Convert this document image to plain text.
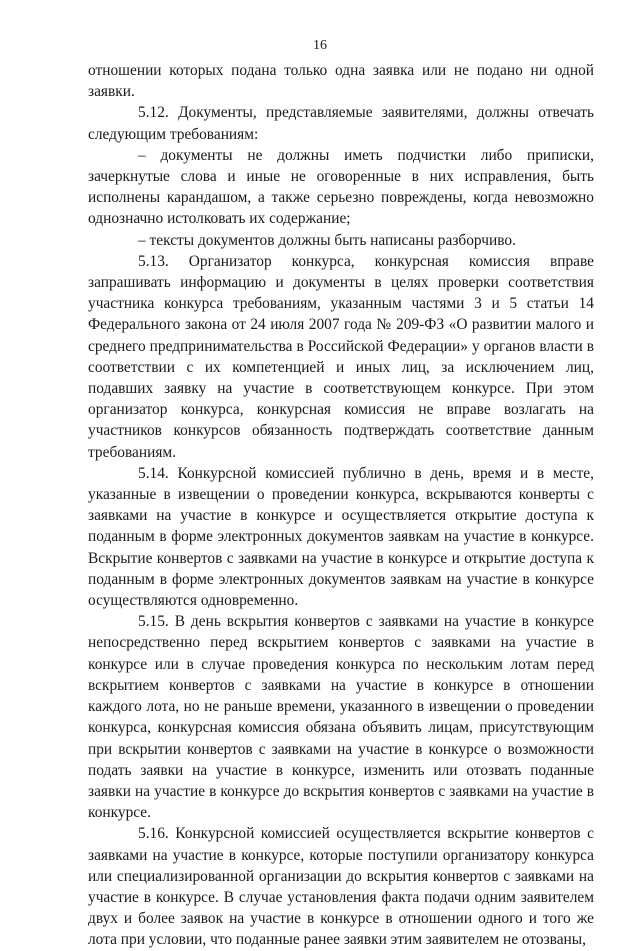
16

отношении которых подана только одна заявка или не подано ни одной заявки.

5.12. Документы, представляемые заявителями, должны отвечать следующим требованиям:

– документы не должны иметь подчистки либо приписки, зачеркнутые слова и иные не оговоренные в них исправления, быть исполнены карандашом, а также серьезно повреждены, когда невозможно однозначно истолковать их содержание;

– тексты документов должны быть написаны разборчиво.

5.13. Организатор конкурса, конкурсная комиссия вправе запрашивать информацию и документы в целях проверки соответствия участника конкурса требованиям, указанным частями 3 и 5 статьи 14 Федерального закона от 24 июля 2007 года № 209-ФЗ «О развитии малого и среднего предпринимательства в Российской Федерации» у органов власти в соответствии с их компетенцией и иных лиц, за исключением лиц, подавших заявку на участие в соответствующем конкурсе. При этом организатор конкурса, конкурсная комиссия не вправе возлагать на участников конкурсов обязанность подтверждать соответствие данным требованиям.

5.14. Конкурсной комиссией публично в день, время и в месте, указанные в извещении о проведении конкурса, вскрываются конверты с заявками на участие в конкурсе и осуществляется открытие доступа к поданным в форме электронных документов заявкам на участие в конкурсе. Вскрытие конвертов с заявками на участие в конкурсе и открытие доступа к поданным в форме электронных документов заявкам на участие в конкурсе осуществляются одновременно.

5.15. В день вскрытия конвертов с заявками на участие в конкурсе непосредственно перед вскрытием конвертов с заявками на участие в конкурсе или в случае проведения конкурса по нескольким лотам перед вскрытием конвертов с заявками на участие в конкурсе в отношении каждого лота, но не раньше времени, указанного в извещении о проведении конкурса, конкурсная комиссия обязана объявить лицам, присутствующим при вскрытии конвертов с заявками на участие в конкурсе о возможности подать заявки на участие в конкурсе, изменить или отозвать поданные заявки на участие в конкурсе до вскрытия конвертов с заявками на участие в конкурсе.

5.16. Конкурсной комиссией осуществляется вскрытие конвертов с заявками на участие в конкурсе, которые поступили организатору конкурса или специализированной организации до вскрытия конвертов с заявками на участие в конкурсе. В случае установления факта подачи одним заявителем двух и более заявок на участие в конкурсе в отношении одного и того же лота при условии, что поданные ранее заявки этим заявителем не отозваны,
